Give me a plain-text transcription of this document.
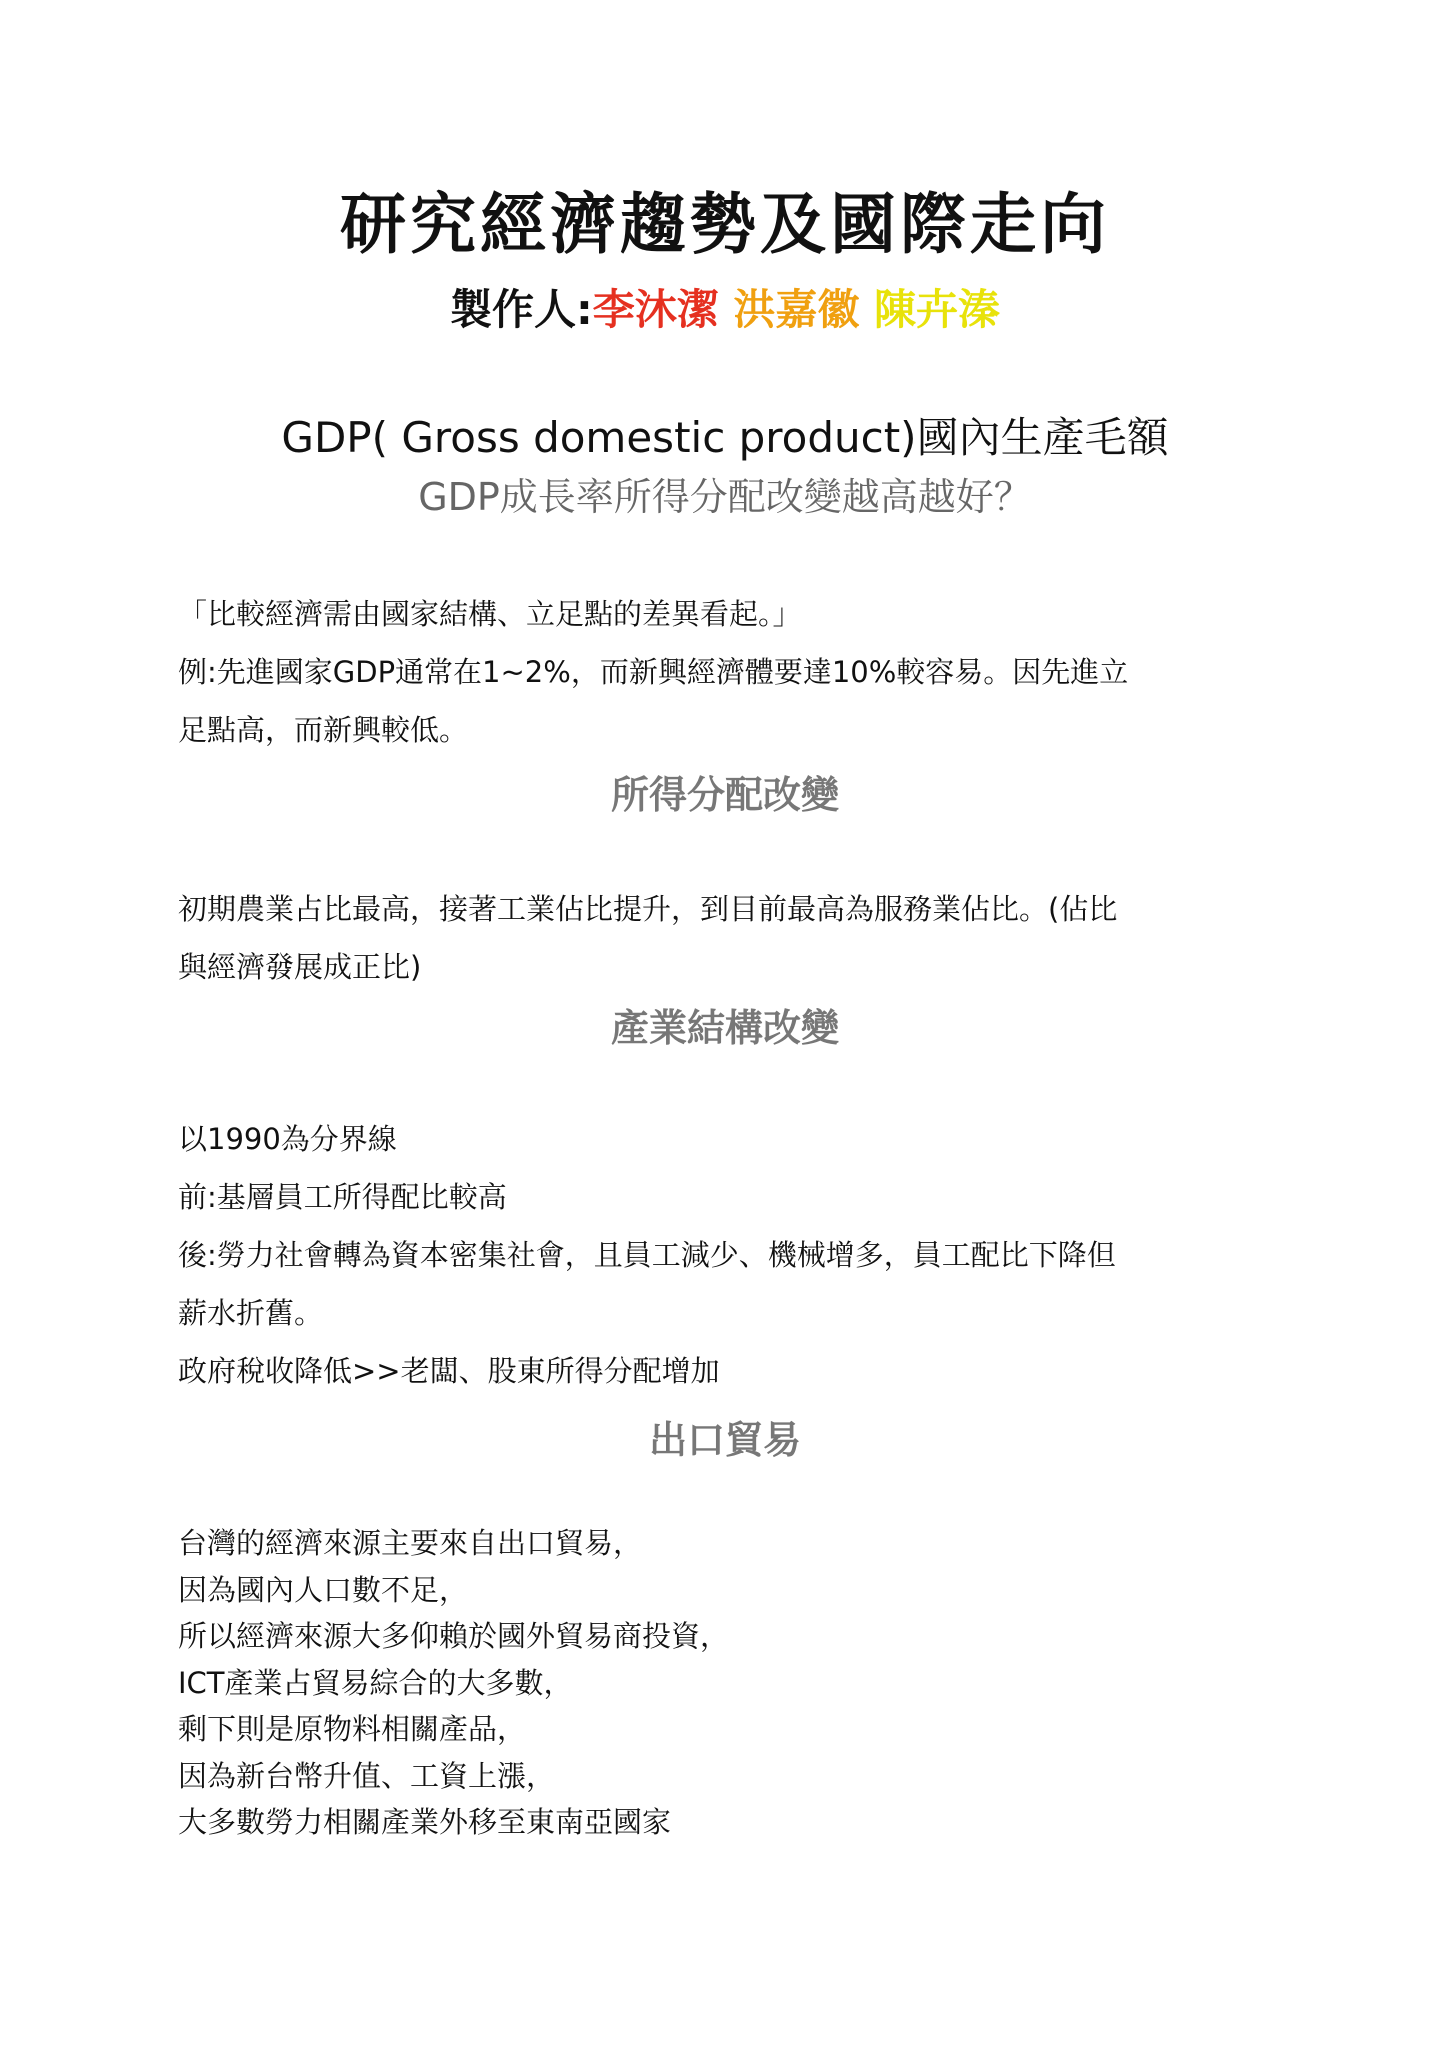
研究經濟趨勢及國際走向
製作人:李沐潔 洪嘉徽 陳卉溱
GDP( Gross domestic product)國內生產毛額
GDP成長率所得分配改變越高越好？

「比較經濟需由國家結構、立足點的差異看起。」

例:先進國家GDP通常在1~2%，而新興經濟體要達10%較容易。因先進立

足點高，而新興較低。

所得分配改變

初期農業占比最高，接著工業佔比提升，到目前最高為服務業佔比。(佔比

與經濟發展成正比)

產業結構改變

以1990為分界線

前:基層員工所得配比較高

後:勞力社會轉為資本密集社會，且員工減少、機械增多，員工配比下降但

薪水折舊。

政府稅收降低>>老闆、股東所得分配增加

出口貿易

台灣的經濟來源主要來自出口貿易，

因為國內人口數不足，

所以經濟來源大多仰賴於國外貿易商投資，

ICT產業占貿易綜合的大多數，

剩下則是原物料相關產品，

因為新台幣升值、工資上漲，

大多數勞力相關產業外移至東南亞國家
